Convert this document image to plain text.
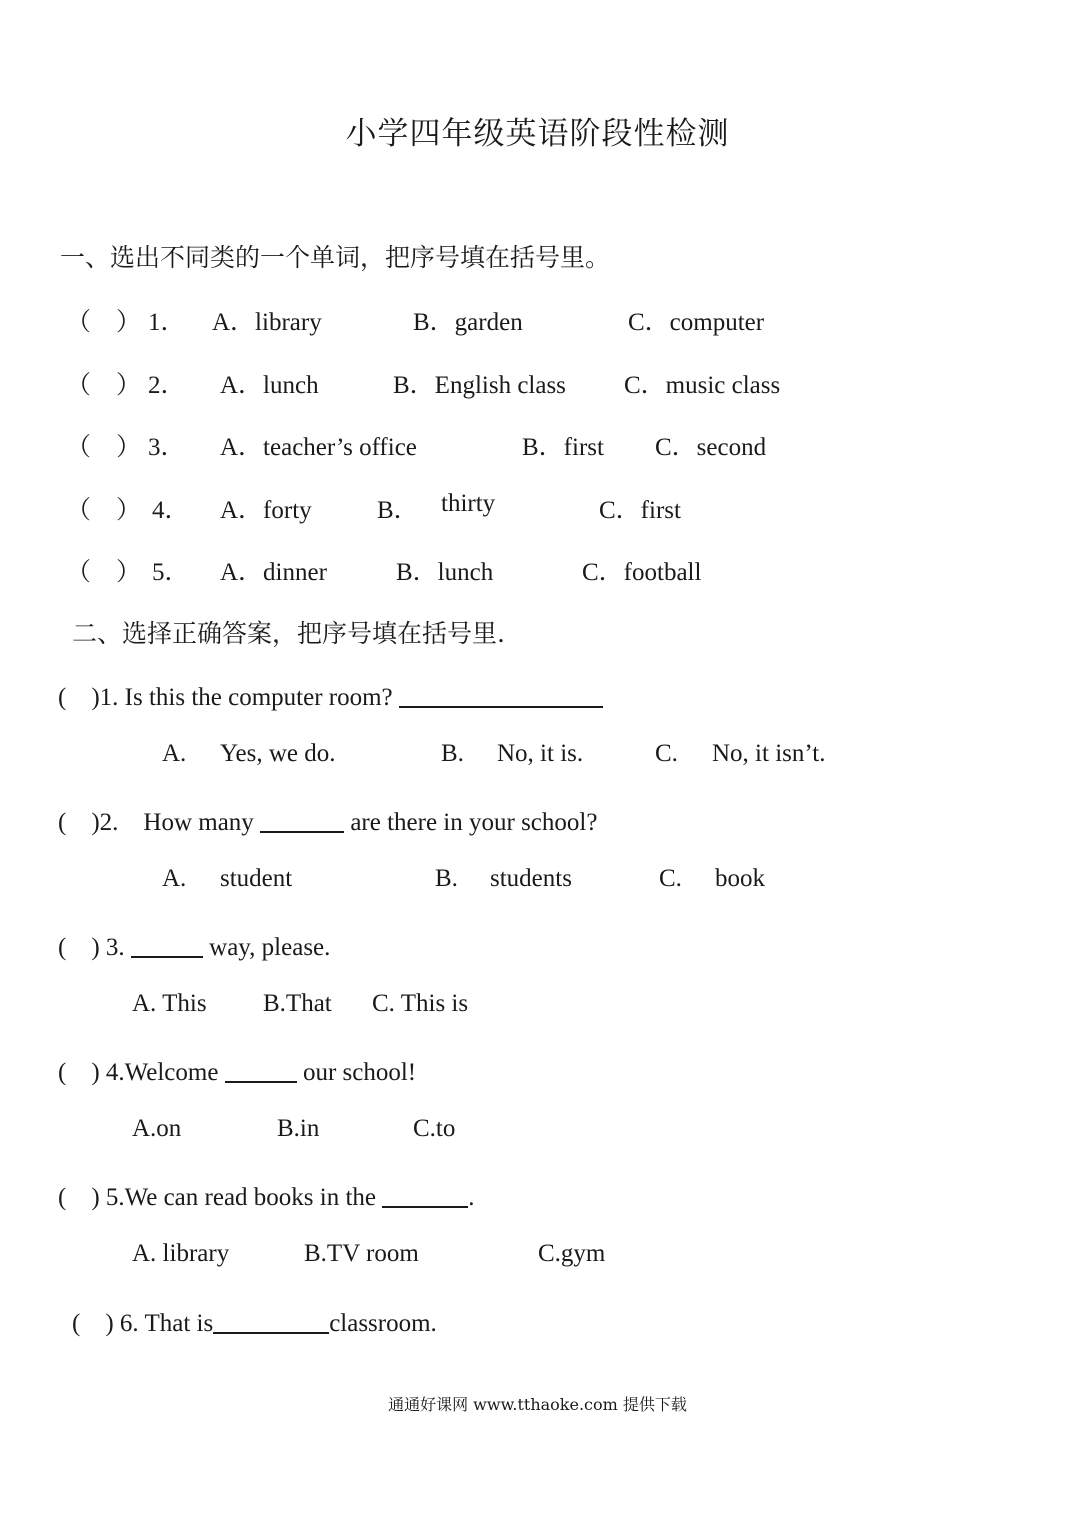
小学四年级英语阶段性检测
一、选出不同类的一个单词，把序号填在括号里。
（　） 1． A．library	B．garden	C．computer
（　） 2． A．lunch	B．English class C．music class
（　） 3． A．teacher’s office	B．first C．second
（　） 4． A．forty	B． thirty	C．first
（　） 5． A．dinner	B．lunch	C．football
二、选择正确答案，把序号填在括号里.
(　)1. Is this the computer room?
A. Yes, we do.	B. No, it is.	C. No, it isn’t.
(　)2.　How many	are there in your school?
A. student	B. students	C. book
(　) 3.	way, please.
A. This B.That C. This is
(　) 4.Welcome	our school!
A.on	B.in	C.to
(　) 5.We can read books in the	.
A. library	B.TV room	C.gym
(　) 6. That is	classroom.
通通好课网 www.tthaoke.com 提供下载
